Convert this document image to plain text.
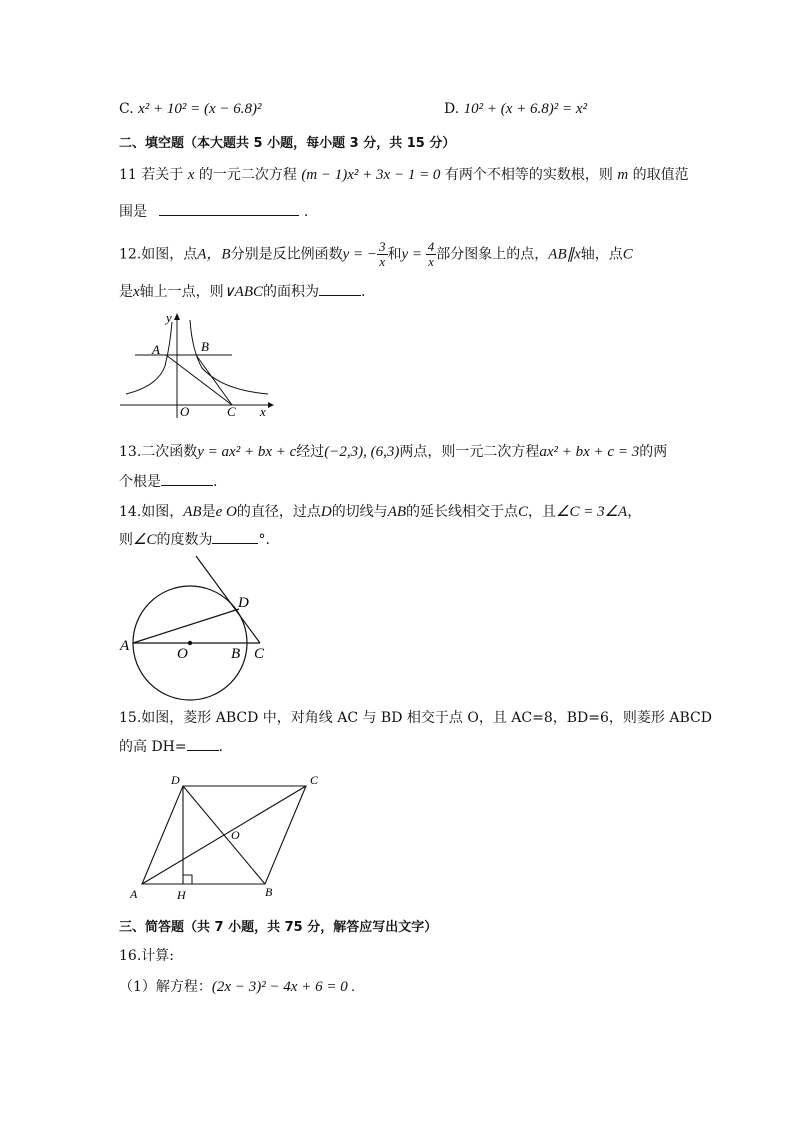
C. x² + 10² = (x − 6.8)²	D. 10² + (x + 6.8)² = x²
二、填空题（本大题共 5 小题，每小题 3 分，共 15 分）
11 若关于 x 的一元二次方程 (m − 1)x² + 3x − 1 = 0 有两个不相等的实数根，则 m 的取值范
围是	.
12.如图，点A，B分别是反比例函数y = − $\frac{3}{x}$ 和$y = \frac{4}{x}$ 部分图象上的点，AB∥x轴，点C
是x轴上一点，则∨ABC的面积为	.
A	B
O	C x
y
13.二次函数y = ax² + bx + c经过(−2,3), (6,3)两点，则一元二次方程ax² + bx + c = 3的两
个根是	.
14.如图，AB是e O的直径，过点D的切线与AB的延长线相交于点C，且∠C = 3∠A，
则∠C的度数为	°.
A	O	B C
D
15.如图，菱形 ABCD 中，对角线 AC 与 BD 相交于点 O，且 AC=8，BD=6，则菱形 ABCD
的高 DH= .
A	H	B
C
D
O
三、简答题（共 7 小题，共 75 分，解答应写出文字）
16.计算:
（1）解方程：(2x − 3)² − 4x + 6 = 0 .
